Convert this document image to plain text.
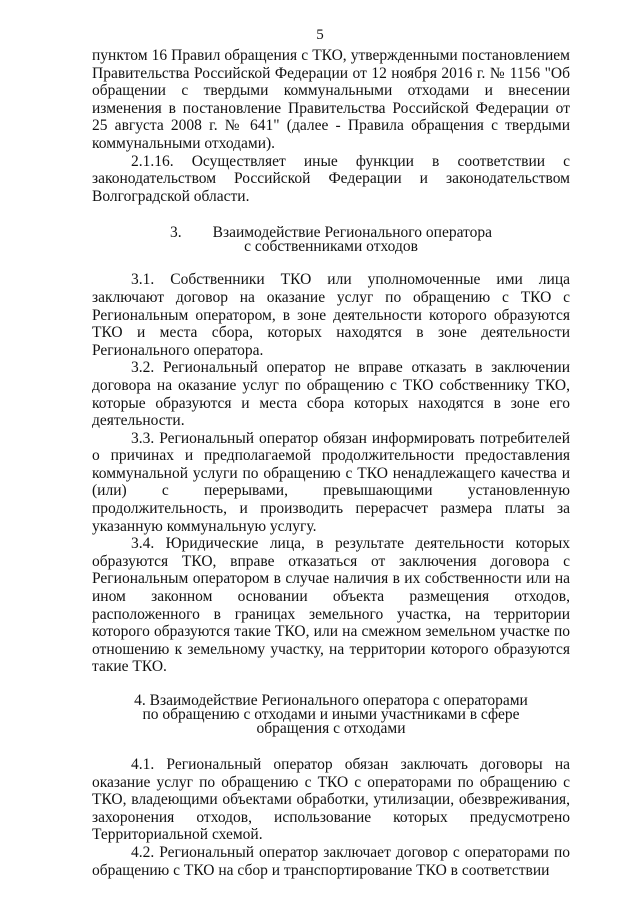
5

пунктом 16 Правил обращения с ТКО, утвержденными постановлением Правительства Российской Федерации от 12 ноября 2016 г. № 1156 "Об обращении с твердыми коммунальными отходами и внесении изменения в постановление Правительства Российской Федерации от 25 августа 2008 г. № 641" (далее - Правила обращения с твердыми коммунальными отходами).

2.1.16. Осуществляет иные функции в соответствии с законодательством Российской Федерации и законодательством Волгоградской области.

3.        Взаимодействие Регионального оператора

с собственниками отходов

3.1. Собственники ТКО или уполномоченные ими лица заключают договор на оказание услуг по обращению с ТКО с Региональным оператором, в зоне деятельности которого образуются ТКО и места сбора, которых находятся в зоне деятельности Регионального оператора.

3.2. Региональный оператор не вправе отказать в заключении договора на оказание услуг по обращению с ТКО собственнику ТКО, которые образуются и места сбора которых находятся в зоне его деятельности.

3.3. Региональный оператор обязан информировать потребителей о причинах и предполагаемой продолжительности предоставления коммунальной услуги по обращению с ТКО ненадлежащего качества и (или) с перерывами, превышающими установленную продолжительность, и производить перерасчет размера платы за указанную коммунальную услугу.

3.4. Юридические лица, в результате деятельности которых образуются ТКО, вправе отказаться от заключения договора с Региональным оператором в случае наличия в их собственности или на ином законном основании объекта размещения отходов, расположенного в границах земельного участка, на территории которого образуются такие ТКО, или на смежном земельном участке по отношению к земельному участку, на территории которого образуются такие ТКО.

4. Взаимодействие Регионального оператора с операторами

по обращению с отходами и иными участниками в сфере

обращения с отходами

4.1. Региональный оператор обязан заключать договоры на оказание услуг по обращению с ТКО с операторами по обращению с ТКО, владеющими объектами обработки, утилизации, обезвреживания, захоронения отходов, использование которых предусмотрено Территориальной схемой.

4.2. Региональный оператор заключает договор с операторами по обращению с ТКО на сбор и транспортирование ТКО в соответствии
